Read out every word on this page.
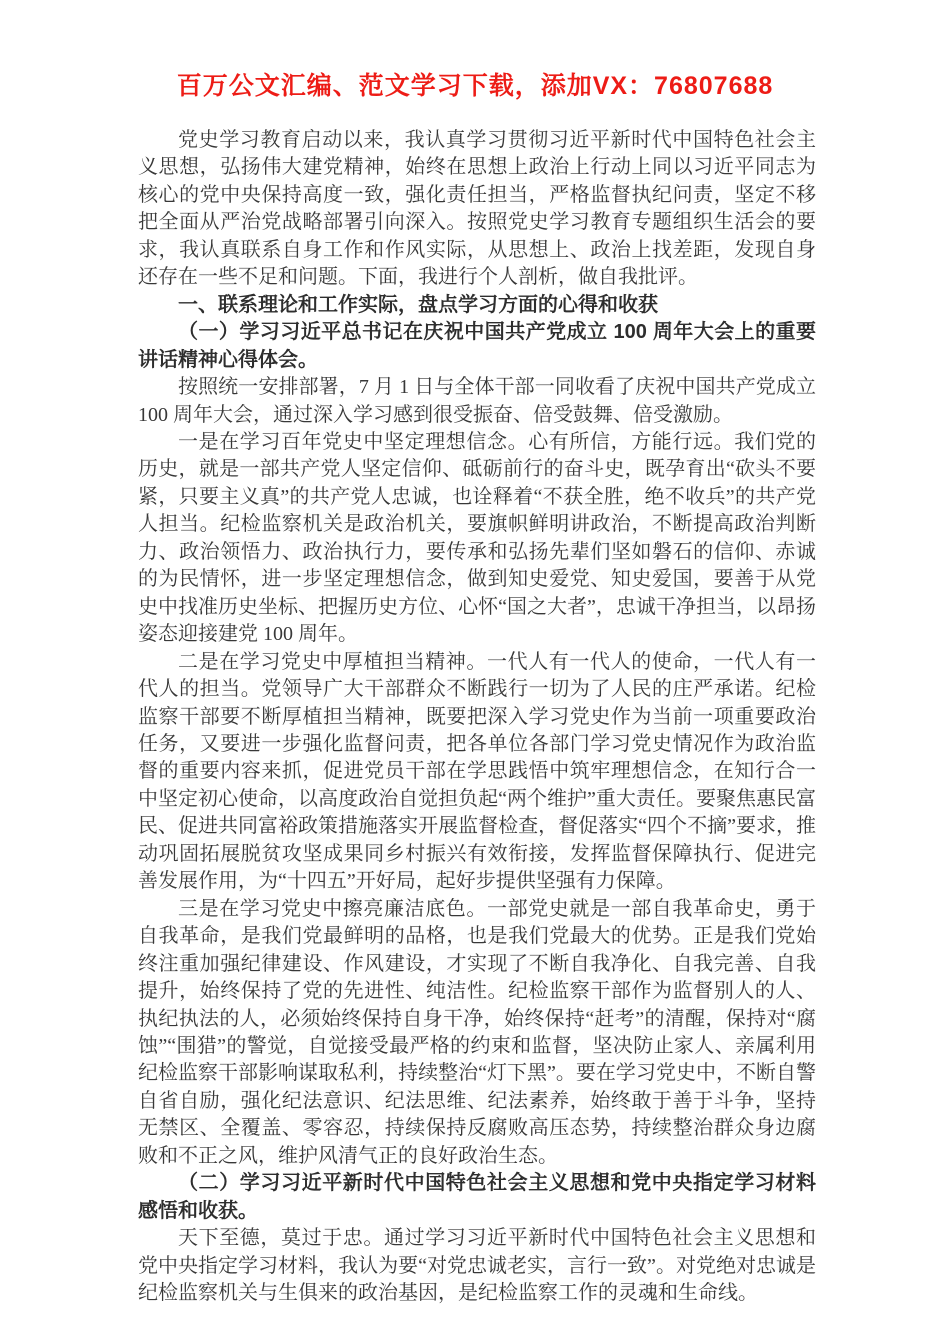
百万公文汇编、范文学习下载，添加VX：76807688

党史学习教育启动以来，我认真学习贯彻习近平新时代中国特色社会主义思想，弘扬伟大建党精神，始终在思想上政治上行动上同以习近平同志为核心的党中央保持高度一致，强化责任担当，严格监督执纪问责，坚定不移把全面从严治党战略部署引向深入。按照党史学习教育专题组织生活会的要求，我认真联系自身工作和作风实际，从思想上、政治上找差距，发现自身还存在一些不足和问题。下面，我进行个人剖析，做自我批评。

一、联系理论和工作实际，盘点学习方面的心得和收获

（一）学习习近平总书记在庆祝中国共产党成立 100 周年大会上的重要讲话精神心得体会。

按照统一安排部署，7 月 1 日与全体干部一同收看了庆祝中国共产党成立 100 周年大会，通过深入学习感到很受振奋、倍受鼓舞、倍受激励。

一是在学习百年党史中坚定理想信念。心有所信，方能行远。我们党的历史，就是一部共产党人坚定信仰、砥砺前行的奋斗史，既孕育出“砍头不要紧，只要主义真”的共产党人忠诚，也诠释着“不获全胜，绝不收兵”的共产党人担当。纪检监察机关是政治机关，要旗帜鲜明讲政治，不断提高政治判断力、政治领悟力、政治执行力，要传承和弘扬先辈们坚如磐石的信仰、赤诚的为民情怀，进一步坚定理想信念，做到知史爱党、知史爱国，要善于从党史中找准历史坐标、把握历史方位、心怀“国之大者”，忠诚干净担当，以昂扬姿态迎接建党 100 周年。

二是在学习党史中厚植担当精神。一代人有一代人的使命，一代人有一代人的担当。党领导广大干部群众不断践行一切为了人民的庄严承诺。纪检监察干部要不断厚植担当精神，既要把深入学习党史作为当前一项重要政治任务，又要进一步强化监督问责，把各单位各部门学习党史情况作为政治监督的重要内容来抓，促进党员干部在学思践悟中筑牢理想信念，在知行合一中坚定初心使命，以高度政治自觉担负起“两个维护”重大责任。要聚焦惠民富民、促进共同富裕政策措施落实开展监督检查，督促落实“四个不摘”要求，推动巩固拓展脱贫攻坚成果同乡村振兴有效衔接，发挥监督保障执行、促进完善发展作用，为“十四五”开好局，起好步提供坚强有力保障。

三是在学习党史中擦亮廉洁底色。一部党史就是一部自我革命史，勇于自我革命，是我们党最鲜明的品格，也是我们党最大的优势。正是我们党始终注重加强纪律建设、作风建设，才实现了不断自我净化、自我完善、自我提升，始终保持了党的先进性、纯洁性。纪检监察干部作为监督别人的人、执纪执法的人，必须始终保持自身干净，始终保持“赶考”的清醒，保持对“腐蚀”“围猎”的警觉，自觉接受最严格的约束和监督，坚决防止家人、亲属利用纪检监察干部影响谋取私利，持续整治“灯下黑”。要在学习党史中，不断自警自省自励，强化纪法意识、纪法思维、纪法素养，始终敢于善于斗争，坚持无禁区、全覆盖、零容忍，持续保持反腐败高压态势，持续整治群众身边腐败和不正之风，维护风清气正的良好政治生态。

（二）学习习近平新时代中国特色社会主义思想和党中央指定学习材料感悟和收获。

天下至德，莫过于忠。通过学习习近平新时代中国特色社会主义思想和党中央指定学习材料，我认为要“对党忠诚老实，言行一致”。对党绝对忠诚是纪检监察机关与生俱来的政治基因，是纪检监察工作的灵魂和生命线。
